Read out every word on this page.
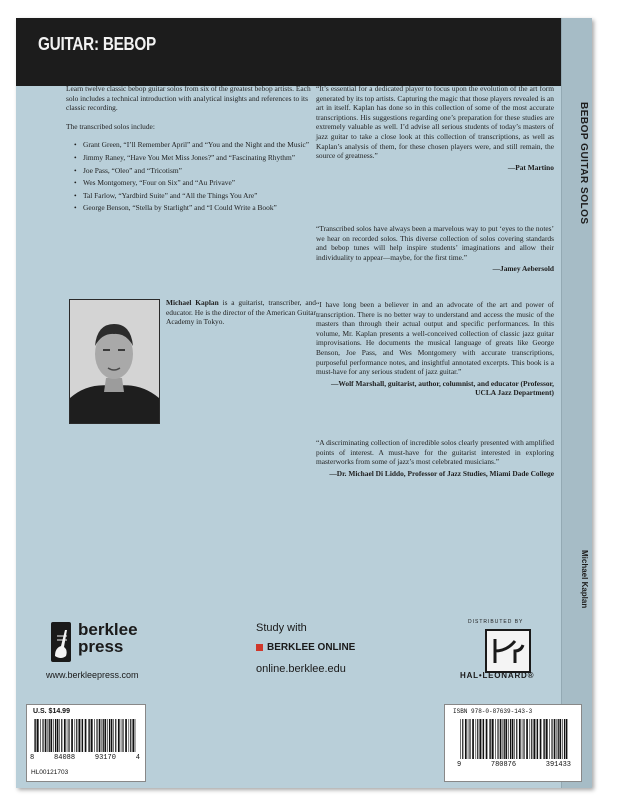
GUITAR: BEBOP
BEBOP GUITAR SOLOS
Michael Kaplan

Learn twelve classic bebop guitar solos from six of the greatest bebop artists. Each solo includes a technical introduction with analytical insights and references to its classic recording.

The transcribed solos include:

• Grant Green, “I’ll Remember April” and “You and the Night and the Music”
• Jimmy Raney, “Have You Met Miss Jones?” and “Fascinating Rhythm”
• Joe Pass, “Oleo” and “Tricotism”
• Wes Montgomery, “Four on Six” and “Au Privave”
• Tal Farlow, “Yardbird Suite” and “All the Things You Are”
• George Benson, “Stella by Starlight” and “I Could Write a Book”
Michael Kaplan is a guitarist, transcriber, and educator. He is the director of the American Guitar Academy in Tokyo.

“It’s essential for a dedicated player to focus upon the evolution of the art form generated by its top artists. Capturing the magic that those players revealed is an art in itself. Kaplan has done so in this collection of some of the most accurate transcriptions. His suggestions regarding one’s preparation for these studies are extremely valuable as well. I’d advise all serious students of today’s masters of jazz guitar to take a close look at this collection of transcriptions, as well as Kaplan’s analysis of them, for these chosen players were, and still remain, the source of greatness.”

—Pat Martino

“Transcribed solos have always been a marvelous way to put ‘eyes to the notes’ we hear on recorded solos. This diverse collection of solos covering standards and bebop tunes will help inspire students’ imaginations and allow their individuality to appear—maybe, for the first time.”

—Jamey Aebersold

“I have long been a believer in and an advocate of the art and power of transcription. There is no better way to understand and access the music of the masters than through their actual output and specific performances. In this volume, Mr. Kaplan presents a well-conceived collection of classic jazz guitar improvisations. He documents the musical language of greats like George Benson, Joe Pass, and Wes Montgomery with accurate transcriptions, purposeful performance notes, and insightful annotated excerpts. This book is a must-have for any serious student of jazz guitar.”

—Wolf Marshall, guitarist, author, columnist, and educator (Professor, UCLA Jazz Department)

“A discriminating collection of incredible solos clearly presented with amplified points of interest. A must-have for the guitarist interested in exploring masterworks from some of jazz’s most celebrated musicians.”

—Dr. Michael Di Liddo, Professor of Jazz Studies, Miami Dade College

berklee
press
www.berkleepress.com
Study with
BERKLEE ONLINE
online.berklee.edu
DISTRIBUTED BY
HAL•LEONARD®
U.S. $14.99
8	84088	93170	4
HL00121703
ISBN 978-0-87639-143-3
9	780876	391433
